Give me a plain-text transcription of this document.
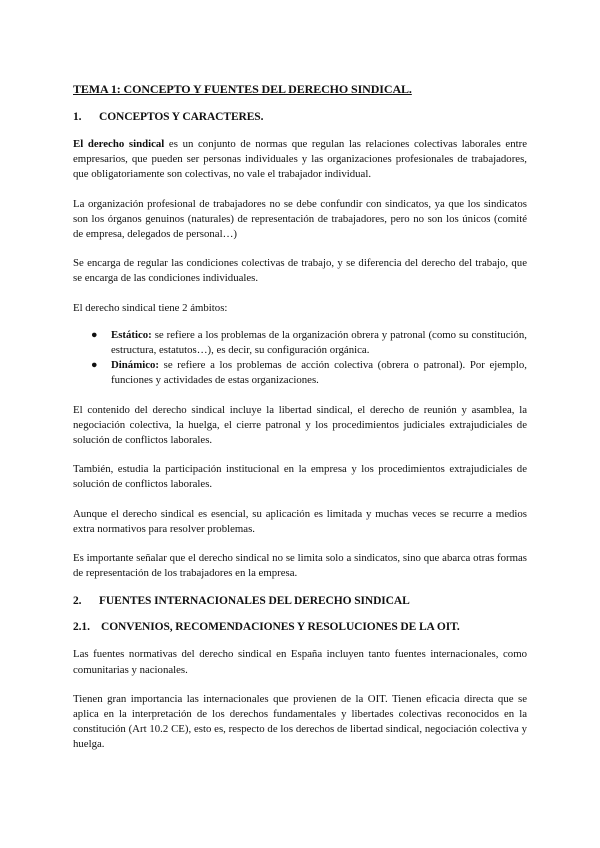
TEMA 1: CONCEPTO Y FUENTES DEL DERECHO SINDICAL.
1. CONCEPTOS Y CARACTERES.

El derecho sindical es un conjunto de normas que regulan las relaciones colectivas laborales entre empresarios, que pueden ser personas individuales y las organizaciones profesionales de trabajadores, que obligatoriamente son colectivas, no vale el trabajador individual.

La organización profesional de trabajadores no se debe confundir con sindicatos, ya que los sindicatos son los órganos genuinos (naturales) de representación de trabajadores, pero no son los únicos (comité de empresa, delegados de personal…)

Se encarga de regular las condiciones colectivas de trabajo, y se diferencia del derecho del trabajo, que se encarga de las condiciones individuales.

El derecho sindical tiene 2 ámbitos:

● Estático: se refiere a los problemas de la organización obrera y patronal (como su constitución, estructura, estatutos…), es decir, su configuración orgánica.
● Dinámico: se refiere a los problemas de acción colectiva (obrera o patronal). Por ejemplo, funciones y actividades de estas organizaciones.

El contenido del derecho sindical incluye la libertad sindical, el derecho de reunión y asamblea, la negociación colectiva, la huelga, el cierre patronal y los procedimientos judiciales extrajudiciales de solución de conflictos laborales.

También, estudia la participación institucional en la empresa y los procedimientos extrajudiciales de solución de conflictos laborales.

Aunque el derecho sindical es esencial, su aplicación es limitada y muchas veces se recurre a medios extra normativos para resolver problemas.

Es importante señalar que el derecho sindical no se limita solo a sindicatos, sino que abarca otras formas de representación de los trabajadores en la empresa.

2. FUENTES INTERNACIONALES DEL DERECHO SINDICAL
2.1. CONVENIOS, RECOMENDACIONES Y RESOLUCIONES DE LA OIT.

Las fuentes normativas del derecho sindical en España incluyen tanto fuentes internacionales, como comunitarias y nacionales.

Tienen gran importancia las internacionales que provienen de la OIT. Tienen eficacia directa que se aplica en la interpretación de los derechos fundamentales y libertades colectivas reconocidos en la constitución (Art 10.2 CE), esto es, respecto de los derechos de libertad sindical, negociación colectiva y huelga.
